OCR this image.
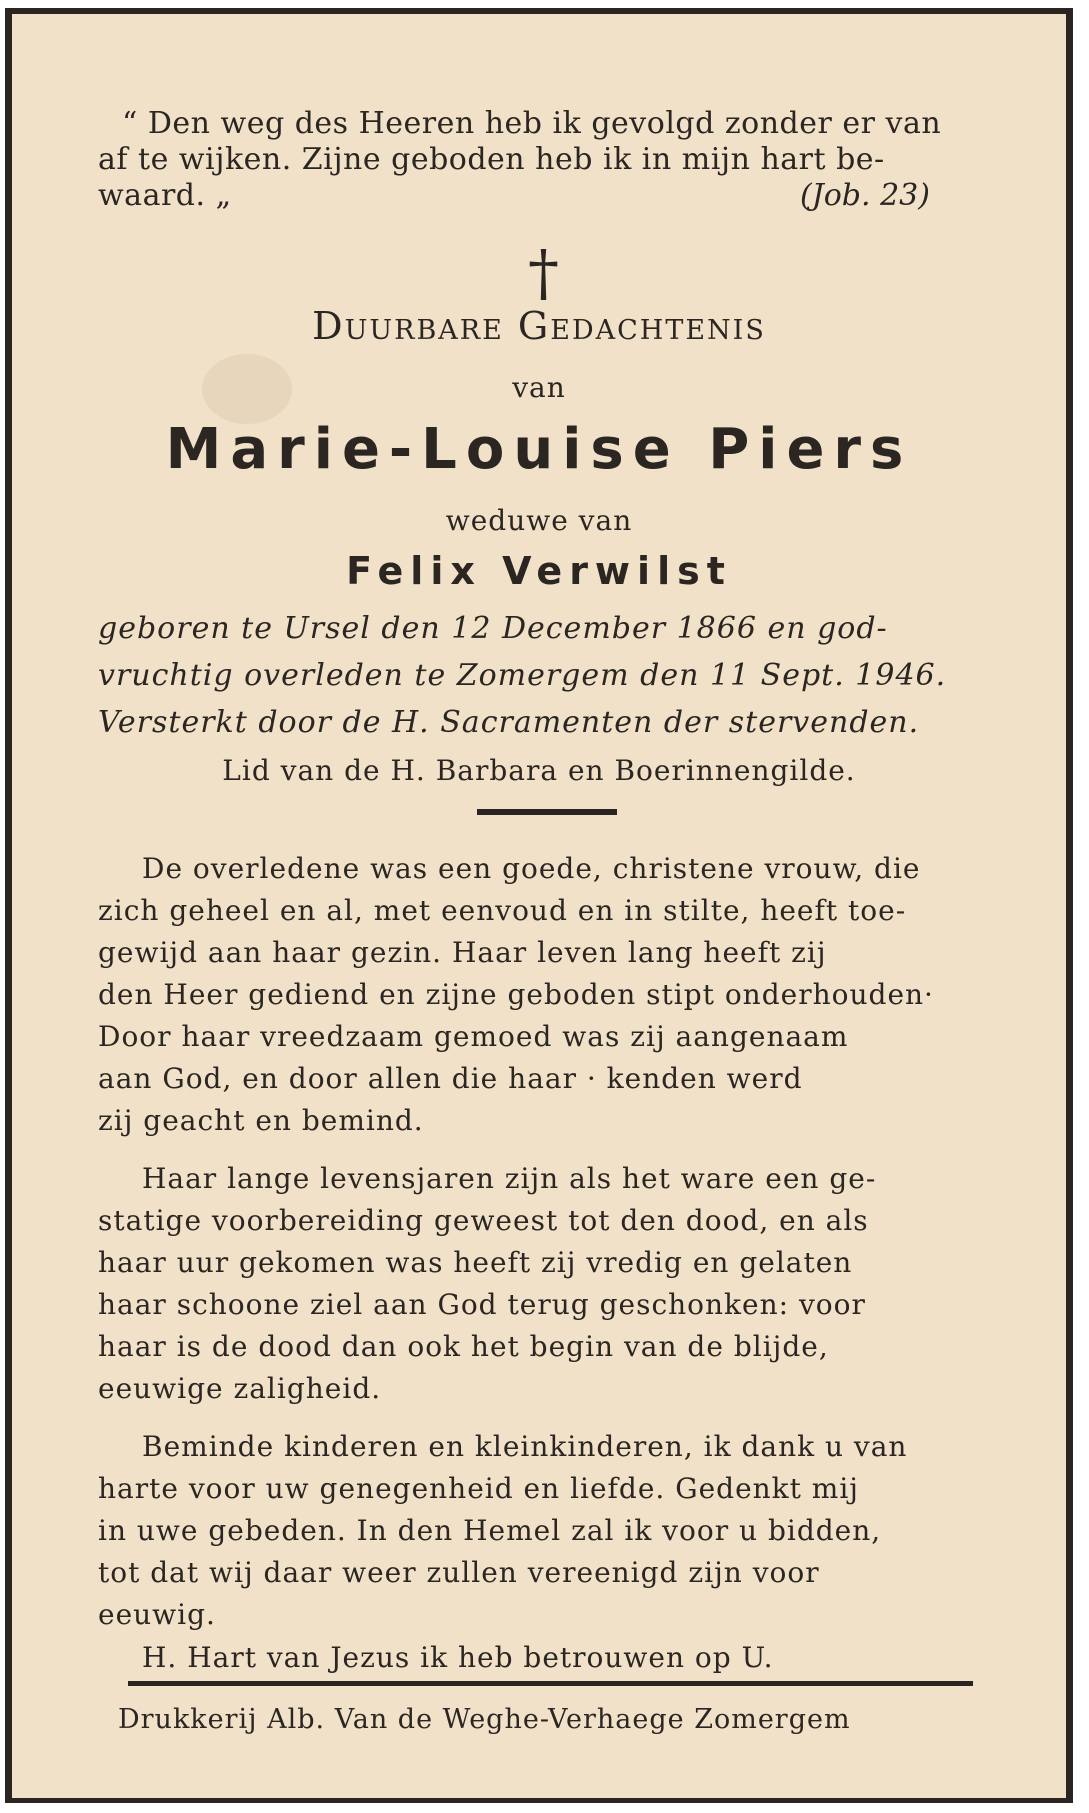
“ Den weg des Heeren heb ik gevolgd zonder er van
af te wijken. Zijne geboden heb ik in mijn hart be-
waard. „	(Job. 23)
†
Duurbare Gedachtenis
van
Marie-Louise Piers
weduwe van
Felix Verwilst
geboren te Ursel den 12 December 1866 en god-
vruchtig overleden te Zomergem den 11 Sept. 1946.
Versterkt door de H. Sacramenten der stervenden.
Lid van de H. Barbara en Boerinnengilde.
De overledene was een goede, christene vrouw, die
zich geheel en al, met eenvoud en in stilte, heeft toe-
gewijd aan haar gezin. Haar leven lang heeft zij
den Heer gediend en zijne geboden stipt onderhouden·
Door haar vreedzaam gemoed was zij aangenaam
aan God, en door allen die haar · kenden werd
zij geacht en bemind.
Haar lange levensjaren zijn als het ware een ge-
statige voorbereiding geweest tot den dood, en als
haar uur gekomen was heeft zij vredig en gelaten
haar schoone ziel aan God terug geschonken: voor
haar is de dood dan ook het begin van de blijde,
eeuwige zaligheid.
Beminde kinderen en kleinkinderen, ik dank u van
harte voor uw genegenheid en liefde. Gedenkt mij
in uwe gebeden. In den Hemel zal ik voor u bidden,
tot dat wij daar weer zullen vereenigd zijn voor
eeuwig.
H. Hart van Jezus ik heb betrouwen op U.
Drukkerij Alb. Van de Weghe-Verhaege Zomergem
